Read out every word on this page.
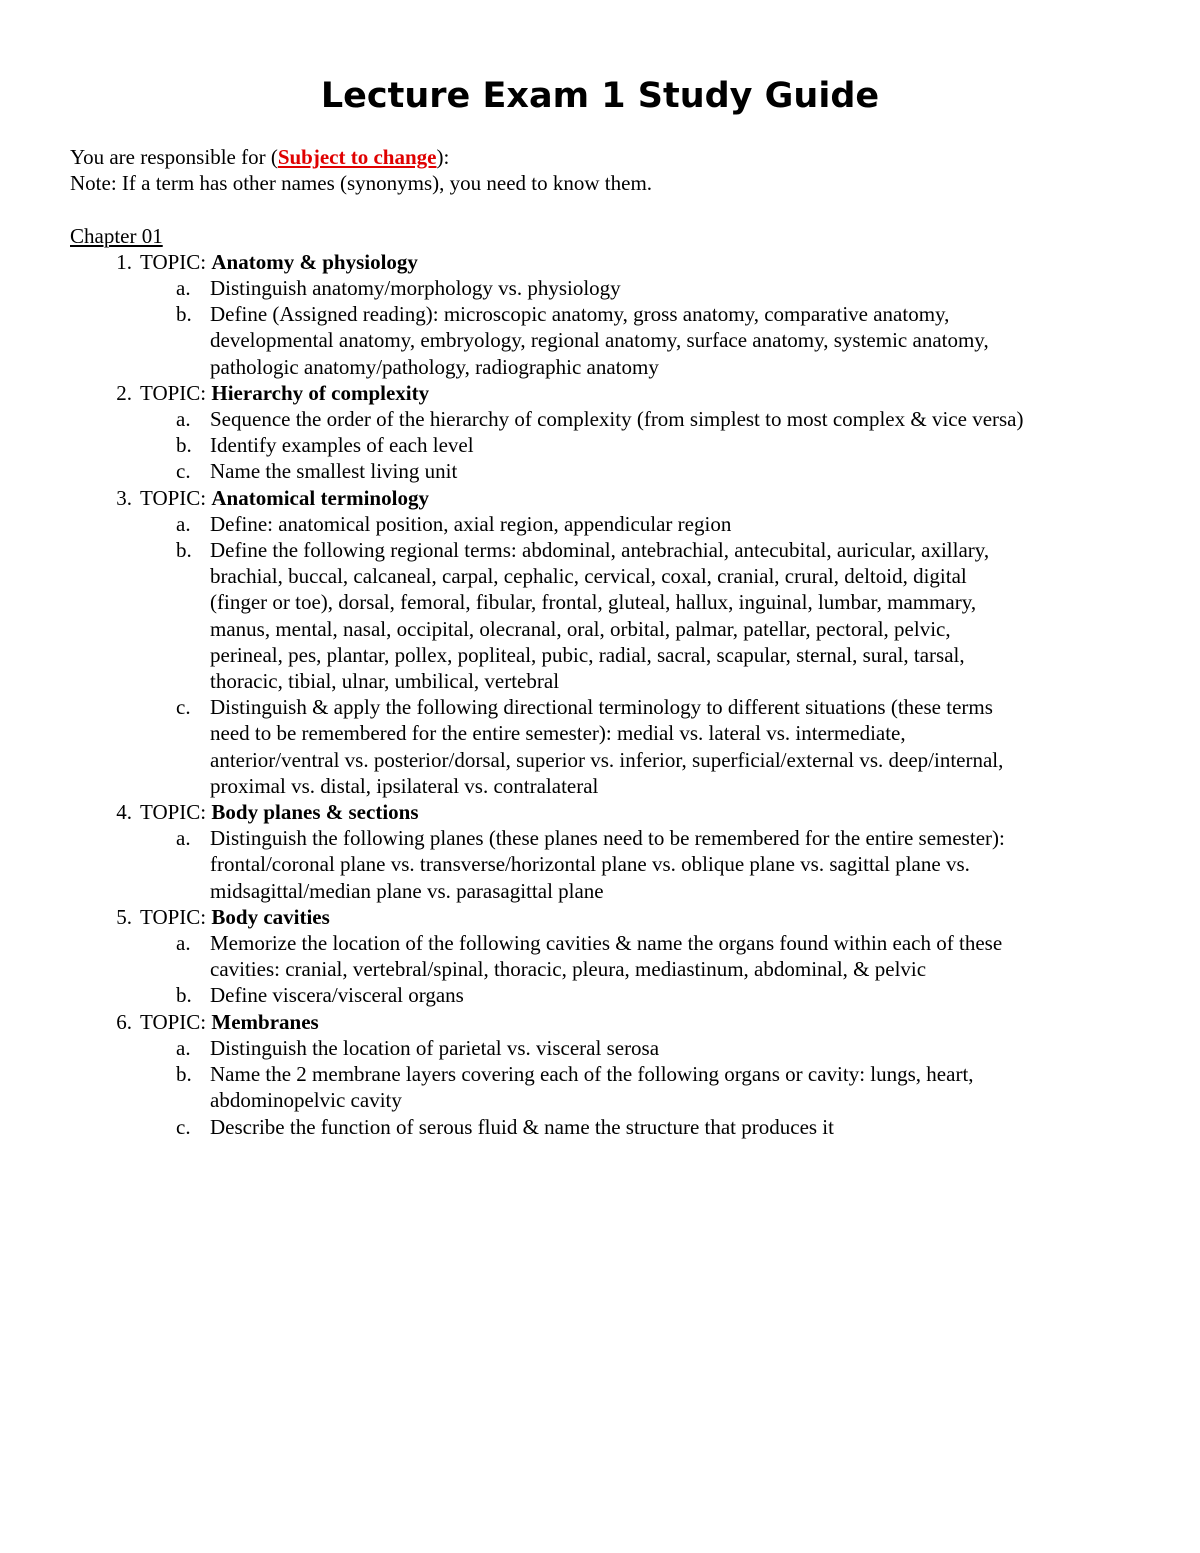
Lecture Exam 1 Study Guide

You are responsible for (Subject to change):

Note: If a term has other names (synonyms), you need to know them.

Chapter 01

1. TOPIC: Anatomy & physiology
a. Distinguish anatomy/morphology vs. physiology
b. Define (Assigned reading): microscopic anatomy, gross anatomy, comparative anatomy,
developmental anatomy, embryology, regional anatomy, surface anatomy, systemic anatomy,
pathologic anatomy/pathology, radiographic anatomy
2. TOPIC: Hierarchy of complexity
a. Sequence the order of the hierarchy of complexity (from simplest to most complex & vice versa)
b. Identify examples of each level
c. Name the smallest living unit
3. TOPIC: Anatomical terminology
a. Define: anatomical position, axial region, appendicular region
b. Define the following regional terms: abdominal, antebrachial, antecubital, auricular, axillary,
brachial, buccal, calcaneal, carpal, cephalic, cervical, coxal, cranial, crural, deltoid, digital
(finger or toe), dorsal, femoral, fibular, frontal, gluteal, hallux, inguinal, lumbar, mammary,
manus, mental, nasal, occipital, olecranal, oral, orbital, palmar, patellar, pectoral, pelvic,
perineal, pes, plantar, pollex, popliteal, pubic, radial, sacral, scapular, sternal, sural, tarsal,
thoracic, tibial, ulnar, umbilical, vertebral
c. Distinguish & apply the following directional terminology to different situations (these terms
need to be remembered for the entire semester): medial vs. lateral vs. intermediate,
anterior/ventral vs. posterior/dorsal, superior vs. inferior, superficial/external vs. deep/internal,
proximal vs. distal, ipsilateral vs. contralateral
4. TOPIC: Body planes & sections
a. Distinguish the following planes (these planes need to be remembered for the entire semester):
frontal/coronal plane vs. transverse/horizontal plane vs. oblique plane vs. sagittal plane vs.
midsagittal/median plane vs. parasagittal plane
5. TOPIC: Body cavities
a. Memorize the location of the following cavities & name the organs found within each of these
cavities: cranial, vertebral/spinal, thoracic, pleura, mediastinum, abdominal, & pelvic
b. Define viscera/visceral organs
6. TOPIC: Membranes
a. Distinguish the location of parietal vs. visceral serosa
b. Name the 2 membrane layers covering each of the following organs or cavity: lungs, heart,
abdominopelvic cavity
c. Describe the function of serous fluid & name the structure that produces it
